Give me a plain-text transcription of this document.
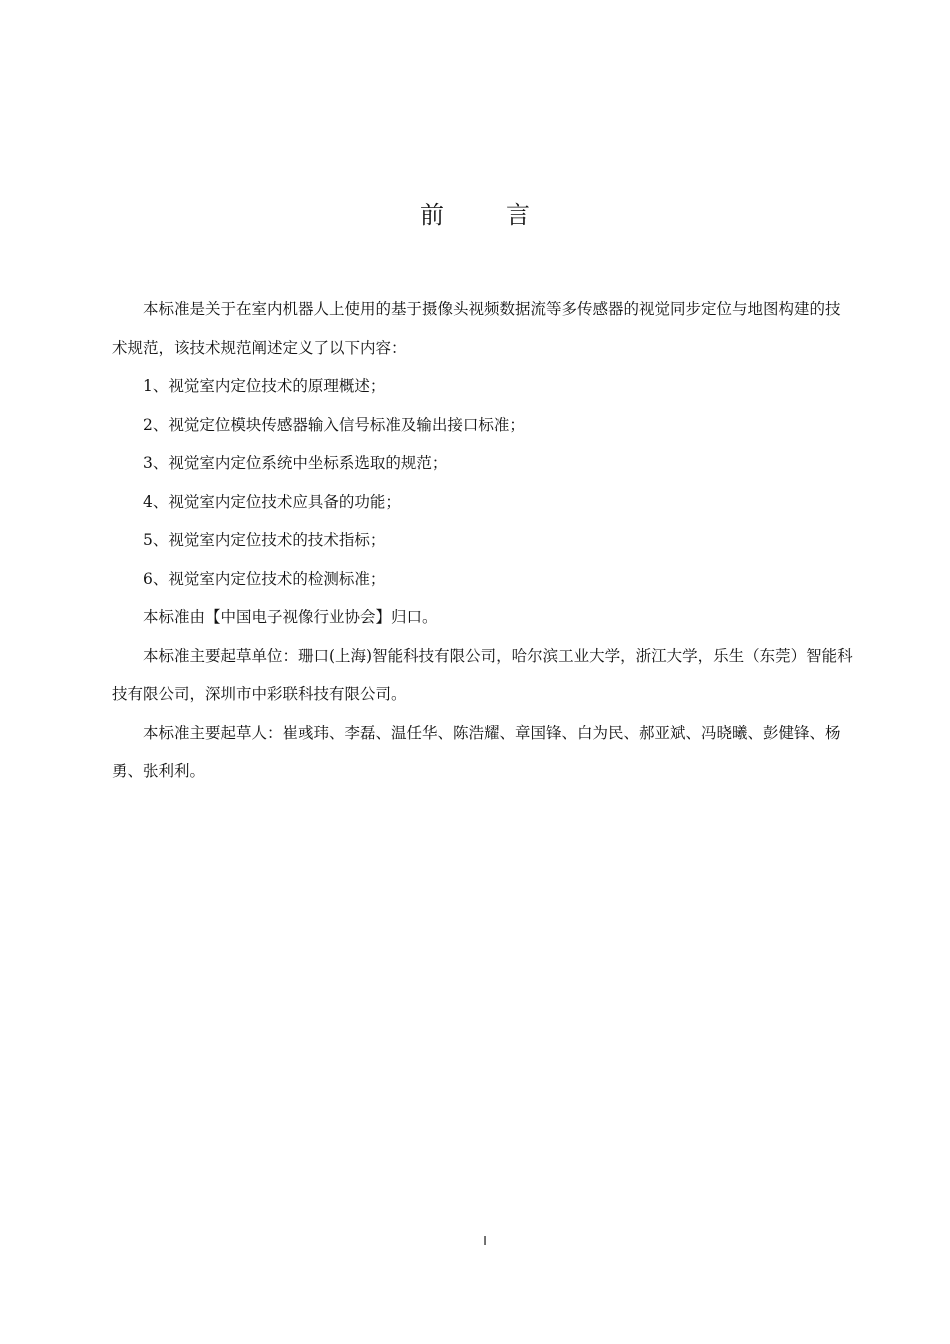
前	言

本标准是关于在室内机器人上使用的基于摄像头视频数据流等多传感器的视觉同步定位与地图构建的技术规范，该技术规范阐述定义了以下内容：

1、视觉室内定位技术的原理概述；

2、视觉定位模块传感器输入信号标准及输出接口标准；

3、视觉室内定位系统中坐标系选取的规范；

4、视觉室内定位技术应具备的功能；

5、视觉室内定位技术的技术指标；

6、视觉室内定位技术的检测标准；

本标准由【中国电子视像行业协会】归口。

本标准主要起草单位：珊口(上海)智能科技有限公司，哈尔滨工业大学，浙江大学，乐生（东莞）智能科技有限公司，深圳市中彩联科技有限公司。

本标准主要起草人：崔彧玮、李磊、温任华、陈浩耀、章国锋、白为民、郝亚斌、冯晓曦、彭健锋、杨勇、张利利。

I
